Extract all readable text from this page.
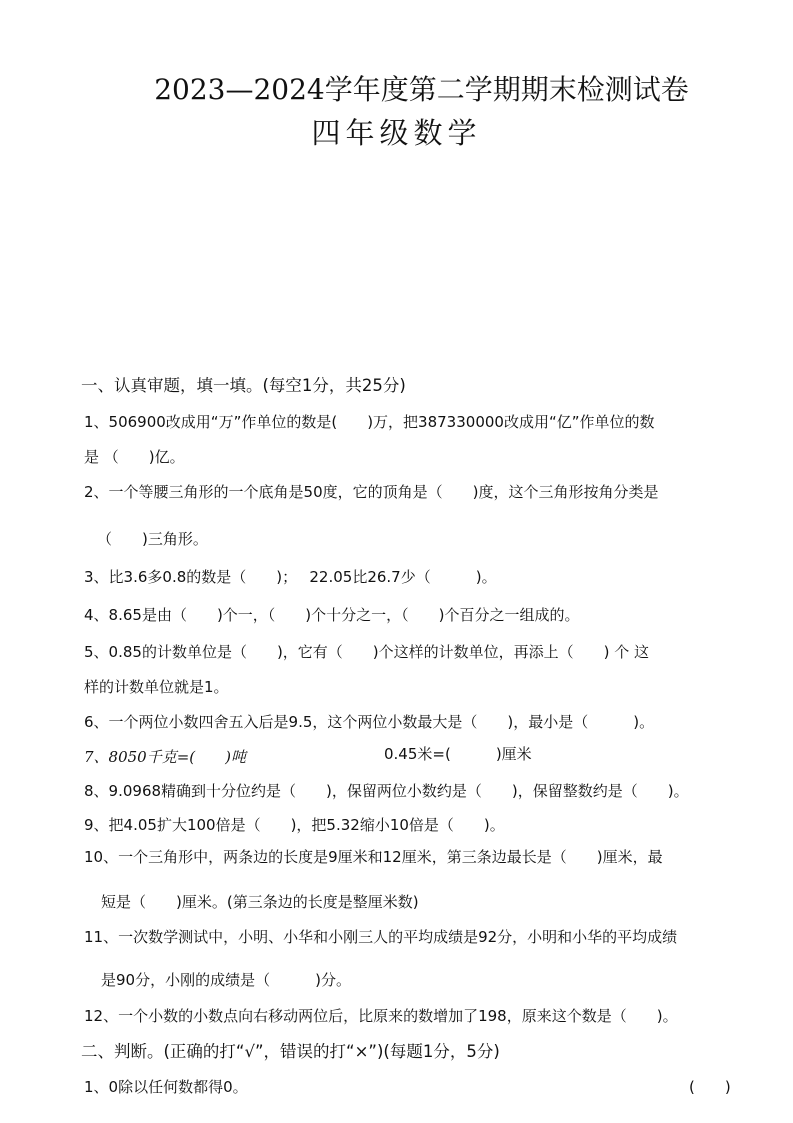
2023—2024学年度第二学期期末检测试卷
四年级数学
一、认真审题，填一填。(每空1分，共25分)
1、506900改成用“万”作单位的数是(　　)万，把387330000改成用“亿”作单位的数
是 （　　)亿。
2、一个等腰三角形的一个底角是50度，它的顶角是（　　)度，这个三角形按角分类是
（　　)三角形。
3、比3.6多0.8的数是（　　)；　 22.05比26.7少（　　　)。
4、8.65是由（　　)个一，（　　)个十分之一，（　　)个百分之一组成的。
5、0.85的计数单位是（　　)，它有（　　)个这样的计数单位，再添上（　　) 个 这
样的计数单位就是1。
6、一个两位小数四舍五入后是9.5，这个两位小数最大是（　　)，最小是（　　　)。
7、8050千克=(　　)吨	0.45米=(　　　)厘米
8、9.0968精确到十分位约是（　　)，保留两位小数约是（　　)，保留整数约是（　　)。
9、把4.05扩大100倍是（　　)，把5.32缩小10倍是（　　)。
10、一个三角形中，两条边的长度是9厘米和12厘米，第三条边最长是（　　)厘米，最
短是（　　)厘米。(第三条边的长度是整厘米数)
11、一次数学测试中，小明、小华和小刚三人的平均成绩是92分，小明和小华的平均成绩
是90分，小刚的成绩是（　　　)分。
12、一个小数的小数点向右移动两位后，比原来的数增加了198，原来这个数是（　　)。
二、判断。(正确的打“√”，错误的打“×”)(每题1分，5分)
1、0除以任何数都得0。	(　　)
